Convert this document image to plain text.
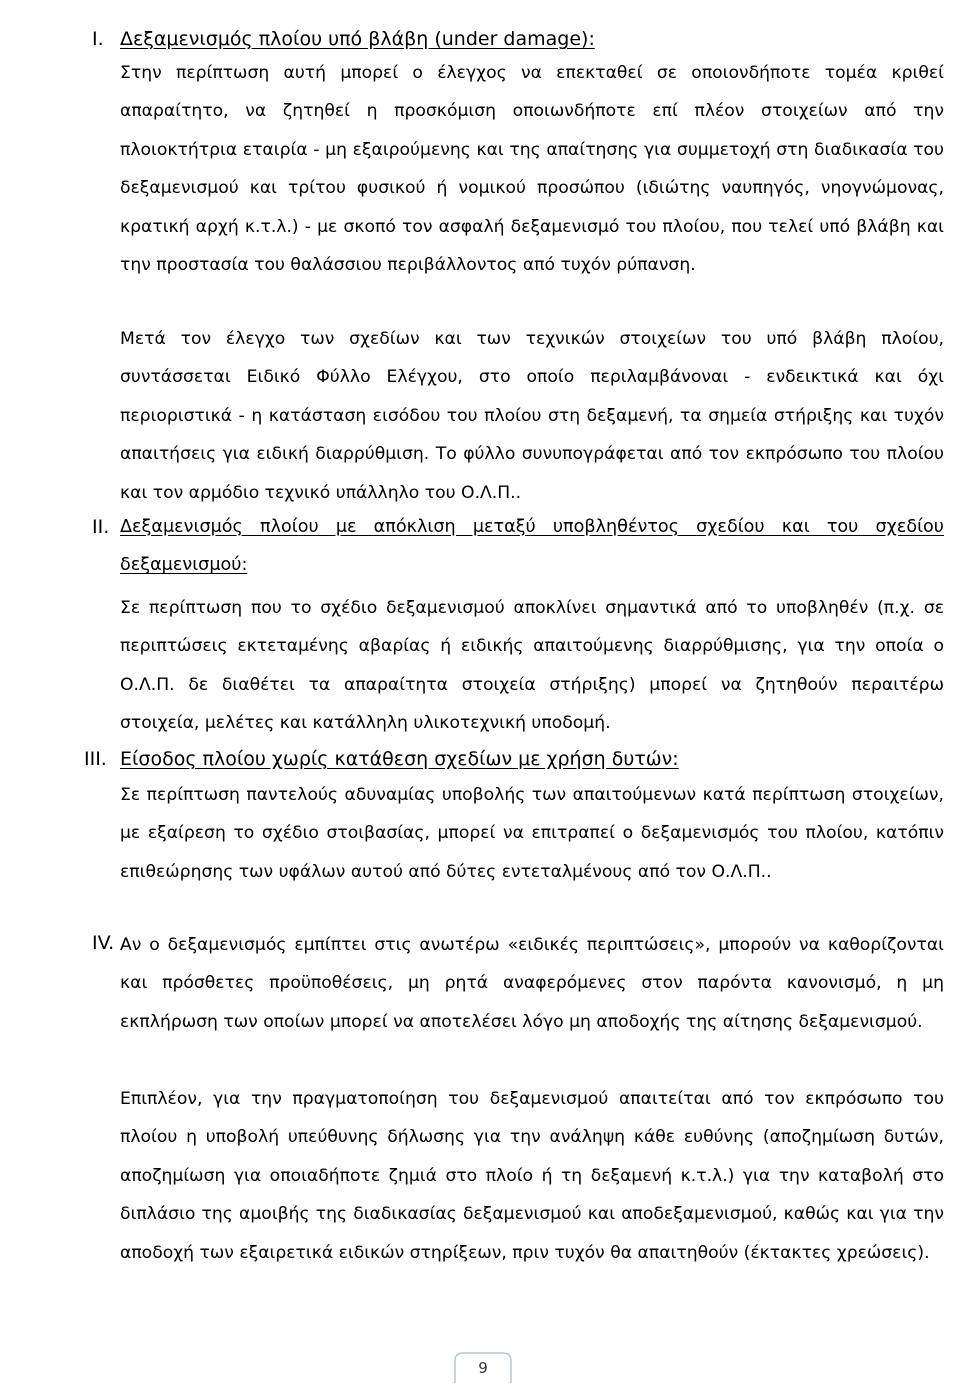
I. Δεξαμενισμός πλοίου υπό βλάβη (under damage):

Στην περίπτωση αυτή μπορεί ο έλεγχος να επεκταθεί σε οποιονδήποτε τομέα κριθεί απαραίτητο, να ζητηθεί η προσκόμιση οποιωνδήποτε επί πλέον στοιχείων από την πλοιοκτήτρια εταιρία - μη εξαιρούμενης και της απαίτησης για συμμετοχή στη διαδικασία του δεξαμενισμού και τρίτου φυσικού ή νομικού προσώπου (ιδιώτης ναυπηγός, νηογνώμονας, κρατική αρχή κ.τ.λ.) - με σκοπό τον ασφαλή δεξαμενισμό του πλοίου, που τελεί υπό βλάβη και την προστασία του θαλάσσιου περιβάλλοντος από τυχόν ρύπανση.

Μετά τον έλεγχο των σχεδίων και των τεχνικών στοιχείων του υπό βλάβη πλοίου, συντάσσεται Ειδικό Φύλλο Ελέγχου, στο οποίο περιλαμβάνοναι - ενδεικτικά και όχι περιοριστικά - η κατάσταση εισόδου του πλοίου στη δεξαμενή, τα σημεία στήριξης και τυχόν απαιτήσεις για ειδική διαρρύθμιση. Το φύλλο συνυπογράφεται από τον εκπρόσωπο του πλοίου και τον αρμόδιο τεχνικό υπάλληλο του Ο.Λ.Π..

II. Δεξαμενισμός πλοίου με απόκλιση μεταξύ υποβληθέντος σχεδίου και του σχεδίου δεξαμενισμού:

Σε περίπτωση που το σχέδιο δεξαμενισμού αποκλίνει σημαντικά από το υποβληθέν (π.χ. σε περιπτώσεις εκτεταμένης αβαρίας ή ειδικής απαιτούμενης διαρρύθμισης, για την οποία ο Ο.Λ.Π. δε διαθέτει τα απαραίτητα στοιχεία στήριξης) μπορεί να ζητηθούν περαιτέρω στοιχεία, μελέτες και κατάλληλη υλικοτεχνική υποδομή.

III. Είσοδος πλοίου χωρίς κατάθεση σχεδίων με χρήση δυτών:

Σε περίπτωση παντελούς αδυναμίας υποβολής των απαιτούμενων κατά περίπτωση στοιχείων, με εξαίρεση το σχέδιο στοιβασίας, μπορεί να επιτραπεί ο δεξαμενισμός του πλοίου, κατόπιν επιθεώρησης των υφάλων αυτού από δύτες εντεταλμένους από τον Ο.Λ.Π..

IV. Αν ο δεξαμενισμός εμπίπτει στις ανωτέρω «ειδικές περιπτώσεις», μπορούν να καθορίζονται και πρόσθετες προϋποθέσεις, μη ρητά αναφερόμενες στον παρόντα κανονισμό, η μη εκπλήρωση των οποίων μπορεί να αποτελέσει λόγο μη αποδοχής της αίτησης δεξαμενισμού.

Επιπλέον, για την πραγματοποίηση του δεξαμενισμού απαιτείται από τον εκπρόσωπο του πλοίου η υποβολή υπεύθυνης δήλωσης για την ανάληψη κάθε ευθύνης (αποζημίωση δυτών, αποζημίωση για οποιαδήποτε ζημιά στο πλοίο ή τη δεξαμενή κ.τ.λ.) για την καταβολή στο διπλάσιο της αμοιβής της διαδικασίας δεξαμενισμού και αποδεξαμενισμού, καθώς και για την αποδοχή των εξαιρετικά ειδικών στηρίξεων, πριν τυχόν θα απαιτηθούν (έκτακτες χρεώσεις).

9
